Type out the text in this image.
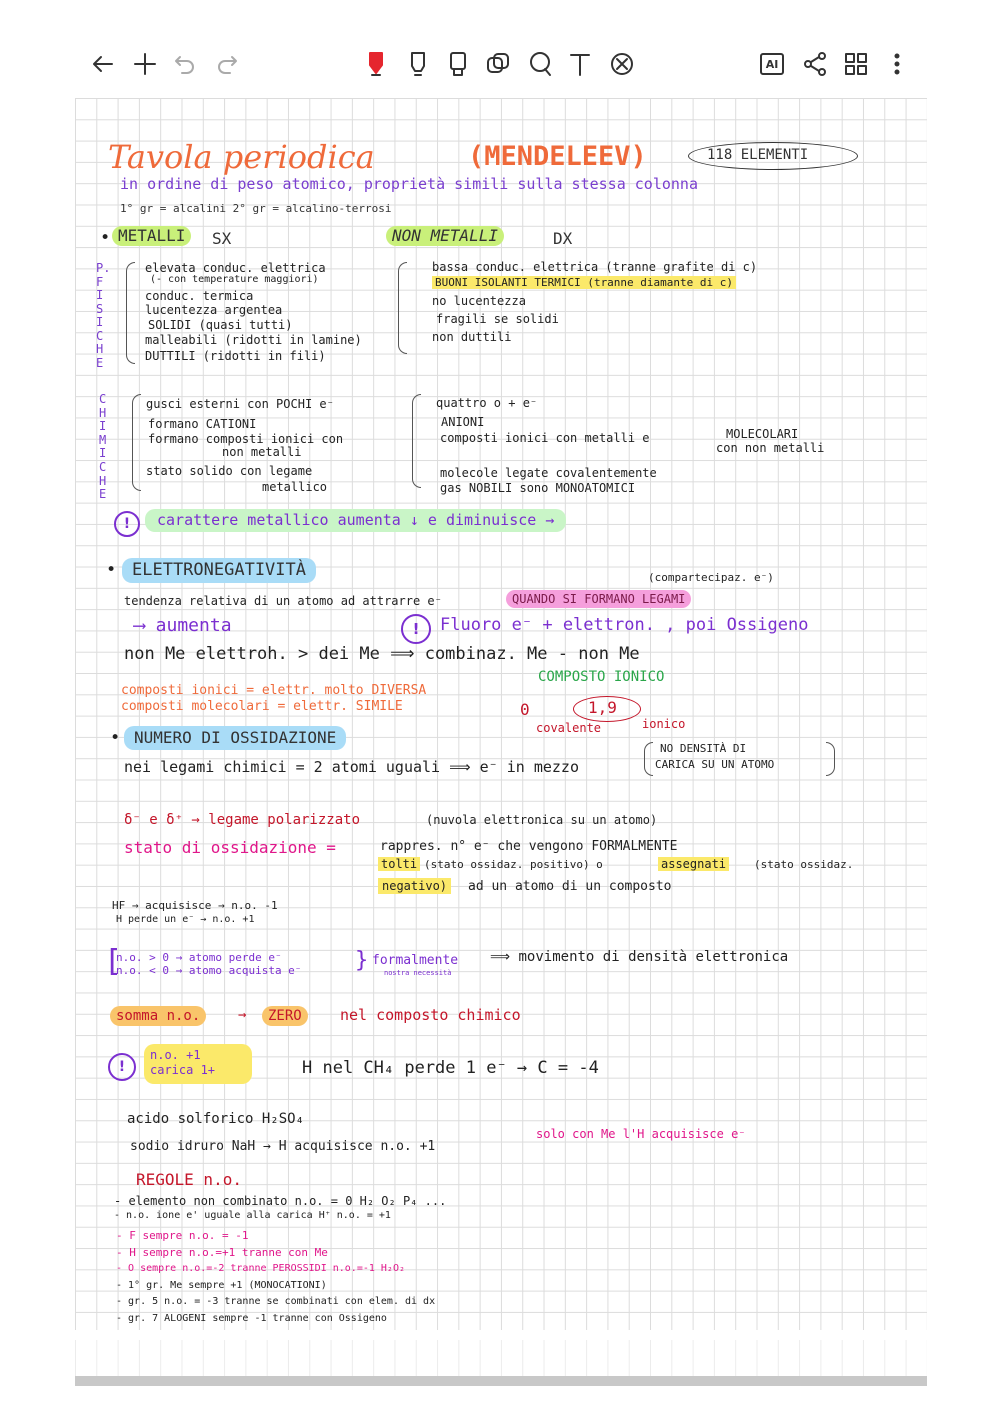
AI
Tavola periodica	(MENDELEEV)	118 ELEMENTI
in ordine di peso atomico, proprietà simili sulla stessa colonna
1° gr = alcalini 2° gr = alcalino-terrosi
• METALLI	SX	NON METALLI	DX
P. F I S I C H E
elevata conduc. elettrica
(- con temperature maggiori)
conduc. termica
lucentezza argentea
SOLIDI (quasi tutti)
malleabili (ridotti in lamine)
DUTTILI (ridotti in fili)
bassa conduc. elettrica (tranne grafite di c)
BUONI ISOLANTI TERMICI (tranne diamante di c)
no lucentezza
fragili se solidi
non duttili
C H I M I C H E
gusci esterni con POCHI e⁻
formano CATIONI
formano composti ionici con
non metalli
stato solido con legame
metallico
quattro o + e⁻
ANIONI
composti ionici con metalli e	MOLECOLARI
con non metalli
molecole legate covalentemente
gas NOBILI sono MONOATOMICI
!	carattere metallico aumenta ↓ e diminuisce →
• ELETTRONEGATIVITÀ	(compartecipaz. e⁻)
tendenza relativa di un atomo ad attrarre e⁻	QUANDO SI FORMANO LEGAMI
⟶ aumenta	!	Fluoro e⁻ + elettron. , poi Ossigeno
non Me elettroh. > dei Me ⟹ combinaz. Me - non Me
COMPOSTO IONICO
composti ionici = elettr. molto DIVERSA
composti molecolari = elettr. SIMILE	0	1,9
covalente	ionico
• NUMERO DI OSSIDAZIONE
nei legami chimici = 2 atomi uguali ⟹ e⁻ in mezzo
NO DENSITÀ DI
CARICA SU UN ATOMO
δ⁻ e δ⁺ → legame polarizzato	(nuvola elettronica su un atomo)
stato di ossidazione =	rappres. n° e⁻ che vengono FORMALMENTE
tolti (stato ossidaz. positivo) o	assegnati	(stato ossidaz.
negativo)	ad un atomo di un composto
HF → acquisisce → n.o. -1
H perde un e⁻ → n.o. +1
[
n.o. > 0 → atomo perde e⁻
n.o. < 0 → atomo acquista e⁻ } formalmente
nostra necessità
⟹ movimento di densità elettronica
somma n.o.	→	ZERO	nel composto chimico
!
n.o. +1
carica 1+	H nel CH₄ perde 1 e⁻ → C = -4
acido solforico H₂SO₄
sodio idruro NaH → H acquisisce n.o. +1
solo con Me l'H acquisisce e⁻
REGOLE n.o.
- elemento non combinato n.o. = 0 H₂ O₂ P₄ ...
- n.o. ione e' uguale alla carica H⁺ n.o. = +1
- F sempre n.o. = -1
- H sempre n.o.=+1 tranne con Me
- O sempre n.o.=-2 tranne PEROSSIDI n.o.=-1 H₂O₂
- 1° gr. Me sempre +1 (MONOCATIONI)
- gr. 5 n.o. = -3 tranne se combinati con elem. di dx
- gr. 7 ALOGENI sempre -1 tranne con Ossigeno
